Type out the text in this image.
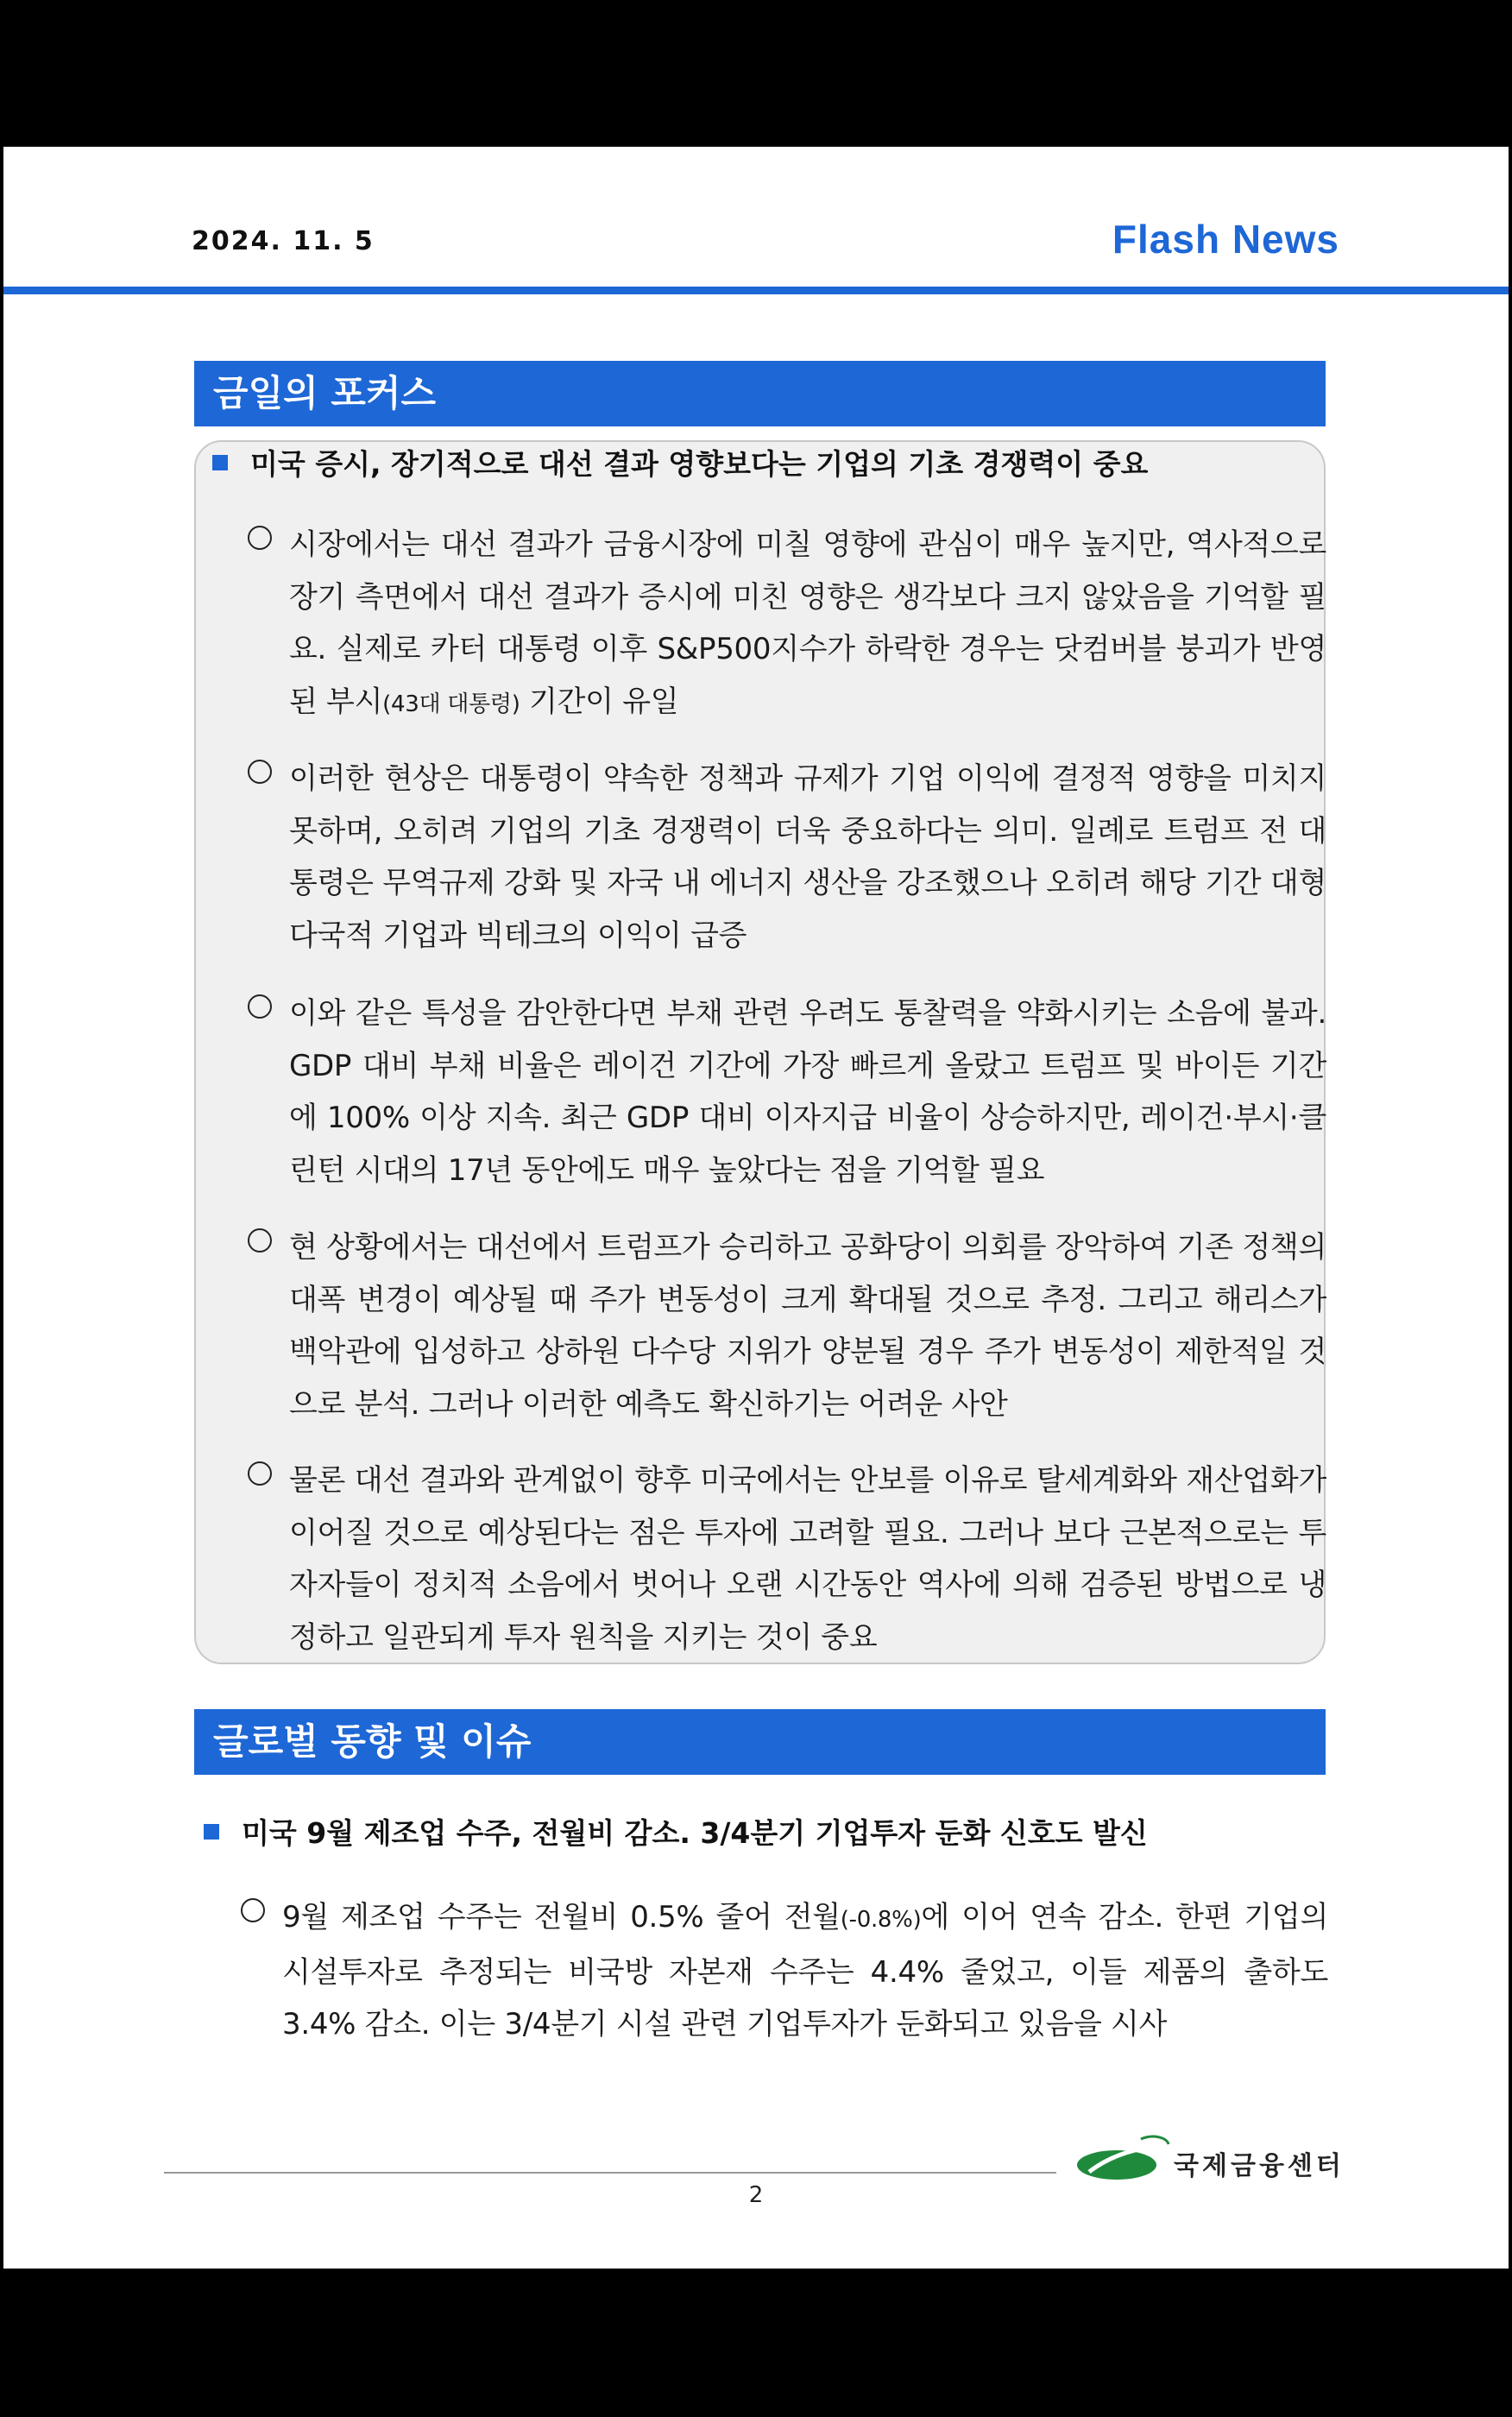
2024. 11. 5	Flash News
금일의 포커스
미국 증시, 장기적으로 대선 결과 영향보다는 기업의 기초 경쟁력이 중요

시장에서는 대선 결과가 금융시장에 미칠 영향에 관심이 매우 높지만, 역사적으로 장기 측면에서 대선 결과가 증시에 미친 영향은 생각보다 크지 않았음을 기억할 필요. 실제로 카터 대통령 이후 S&P500지수가 하락한 경우는 닷컴버블 붕괴가 반영된 부시(43대 대통령) 기간이 유일

이러한 현상은 대통령이 약속한 정책과 규제가 기업 이익에 결정적 영향을 미치지 못하며, 오히려 기업의 기초 경쟁력이 더욱 중요하다는 의미. 일례로 트럼프 전 대통령은 무역규제 강화 및 자국 내 에너지 생산을 강조했으나 오히려 해당 기간 대형 다국적 기업과 빅테크의 이익이 급증

이와 같은 특성을 감안한다면 부채 관련 우려도 통찰력을 약화시키는 소음에 불과. GDP 대비 부채 비율은 레이건 기간에 가장 빠르게 올랐고 트럼프 및 바이든 기간에 100% 이상 지속. 최근 GDP 대비 이자지급 비율이 상승하지만, 레이건·부시·클린턴 시대의 17년 동안에도 매우 높았다는 점을 기억할 필요

현 상황에서는 대선에서 트럼프가 승리하고 공화당이 의회를 장악하여 기존 정책의 대폭 변경이 예상될 때 주가 변동성이 크게 확대될 것으로 추정. 그리고 해리스가 백악관에 입성하고 상하원 다수당 지위가 양분될 경우 주가 변동성이 제한적일 것으로 분석. 그러나 이러한 예측도 확신하기는 어려운 사안

물론 대선 결과와 관계없이 향후 미국에서는 안보를 이유로 탈세계화와 재산업화가 이어질 것으로 예상된다는 점은 투자에 고려할 필요. 그러나 보다 근본적으로는 투자자들이 정치적 소음에서 벗어나 오랜 시간동안 역사에 의해 검증된 방법으로 냉정하고 일관되게 투자 원칙을 지키는 것이 중요

글로벌 동향 및 이슈
미국 9월 제조업 수주, 전월비 감소. 3/4분기 기업투자 둔화 신호도 발신

9월 제조업 수주는 전월비 0.5% 줄어 전월(-0.8%)에 이어 연속 감소. 한편 기업의 시설투자로 추정되는 비국방 자본재 수주는 4.4% 줄었고, 이들 제품의 출하도 3.4% 감소. 이는 3/4분기 시설 관련 기업투자가 둔화되고 있음을 시사

국제금융센터
2
